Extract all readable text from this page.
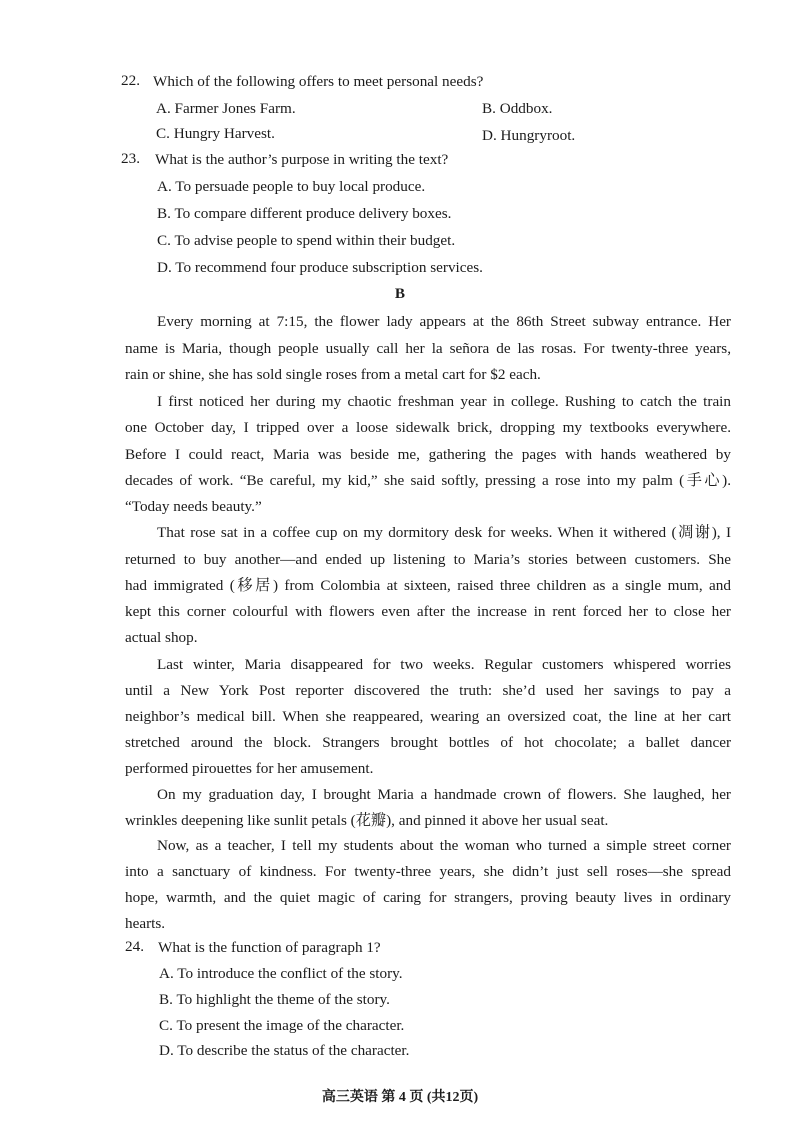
22. Which of the following offers to meet personal needs?
A. Farmer Jones Farm.	B. Oddbox.
C. Hungry Harvest.	D. Hungryroot.
23. What is the author’s purpose in writing the text?
A. To persuade people to buy local produce.
B. To compare different produce delivery boxes.
C. To advise people to spend within their budget.
D. To recommend four produce subscription services.
B
Every morning at 7:15, the flower lady appears at the 86th Street subway entrance. Her
name is Maria, though people usually call her la señora de las rosas. For twenty-three years,
rain or shine, she has sold single roses from a metal cart for $2 each.
I first noticed her during my chaotic freshman year in college. Rushing to catch the train
one October day, I tripped over a loose sidewalk brick, dropping my textbooks everywhere.
Before I could react, Maria was beside me, gathering the pages with hands weathered by
decades of work. “Be careful, my kid,” she said softly, pressing a rose into my palm (手心).
“Today needs beauty.”
That rose sat in a coffee cup on my dormitory desk for weeks. When it withered (凋谢), I
returned to buy another—and ended up listening to Maria’s stories between customers. She
had immigrated (移居) from Colombia at sixteen, raised three children as a single mum, and
kept this corner colourful with flowers even after the increase in rent forced her to close her
actual shop.
Last winter, Maria disappeared for two weeks. Regular customers whispered worries
until a New York Post reporter discovered the truth: she’d used her savings to pay a
neighbor’s medical bill. When she reappeared, wearing an oversized coat, the line at her cart
stretched around the block. Strangers brought bottles of hot chocolate; a ballet dancer
performed pirouettes for her amusement.
On my graduation day, I brought Maria a handmade crown of flowers. She laughed, her
wrinkles deepening like sunlit petals (花瓣), and pinned it above her usual seat.
Now, as a teacher, I tell my students about the woman who turned a simple street corner
into a sanctuary of kindness. For twenty-three years, she didn’t just sell roses—she spread
hope, warmth, and the quiet magic of caring for strangers, proving beauty lives in ordinary
hearts.
24. What is the function of paragraph 1?
A. To introduce the conflict of the story.
B. To highlight the theme of the story.
C. To present the image of the character.
D. To describe the status of the character.
高三英语 第 4 页 (共12页)
